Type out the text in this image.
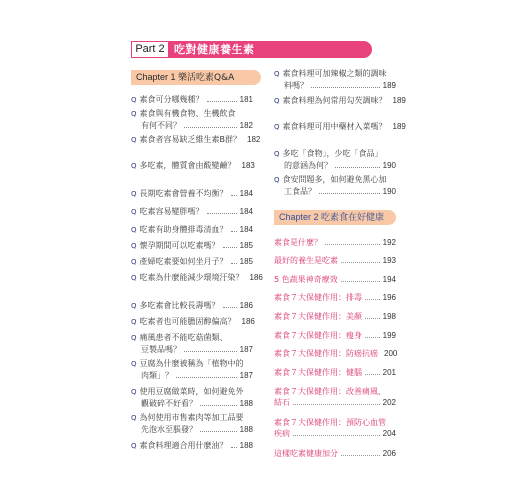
Part 2 吃對健康養生素
Chapter 1 樂活吃素Q&A
Chapter 2 吃素食在好健康
Q 素食可分哪幾種？	181
Q 素食與有機食物、生機飲食
有何不同？	182
Q 素食者容易缺乏維生素B群？ 182
Q 多吃素，體質會由酸變鹼？ 183
Q 長期吃素會營養不均衡？ 184
Q 吃素容易變胖嗎？	184
Q 吃素有助身體排毒清血？ 184
Q 懷孕期間可以吃素嗎？	185
Q 產婦吃素要如何坐月子？ 185
Q 吃素為什麼能減少環境汙染？ 186
Q 多吃素會比較長壽嗎？	186
Q 吃素者也可能膽固醇偏高？ 186
Q 痛風患者不能吃菇菌類、
豆製品嗎？	187
Q 豆腐為什麼被稱為「植物中的
肉類」？	187
Q 使用豆腐做菜時，如何避免外
觀破碎不好看？	188
Q 為何使用市售素肉等加工品要
先泡水至脹發？	188
Q 素食料理適合用什麼油？ 188
Q 素食料理可加辣椒之類的調味
料嗎？	189
Q 素食料理為何常用勾芡調味？ 189
Q 素食料理可用中藥材入菜嗎？ 189
Q 多吃「食物」，少吃「食品」
的意涵為何？	190
Q 食安問題多，如何避免黑心加
工食品？	190
素食是什麼？	192
最好的養生是吃素	193
5 色蔬果神奇療效	194
素食７大保健作用：排毒	196
素食７大保健作用：美顏	198
素食７大保健作用：瘦身	199
素食７大保健作用：防癌抗癌 200
素食７大保健作用：健腦	201
素食７大保健作用：改善痛風、
結石	202
素食７大保健作用：預防心血管
疾病	204
這樣吃素健康加分	206
